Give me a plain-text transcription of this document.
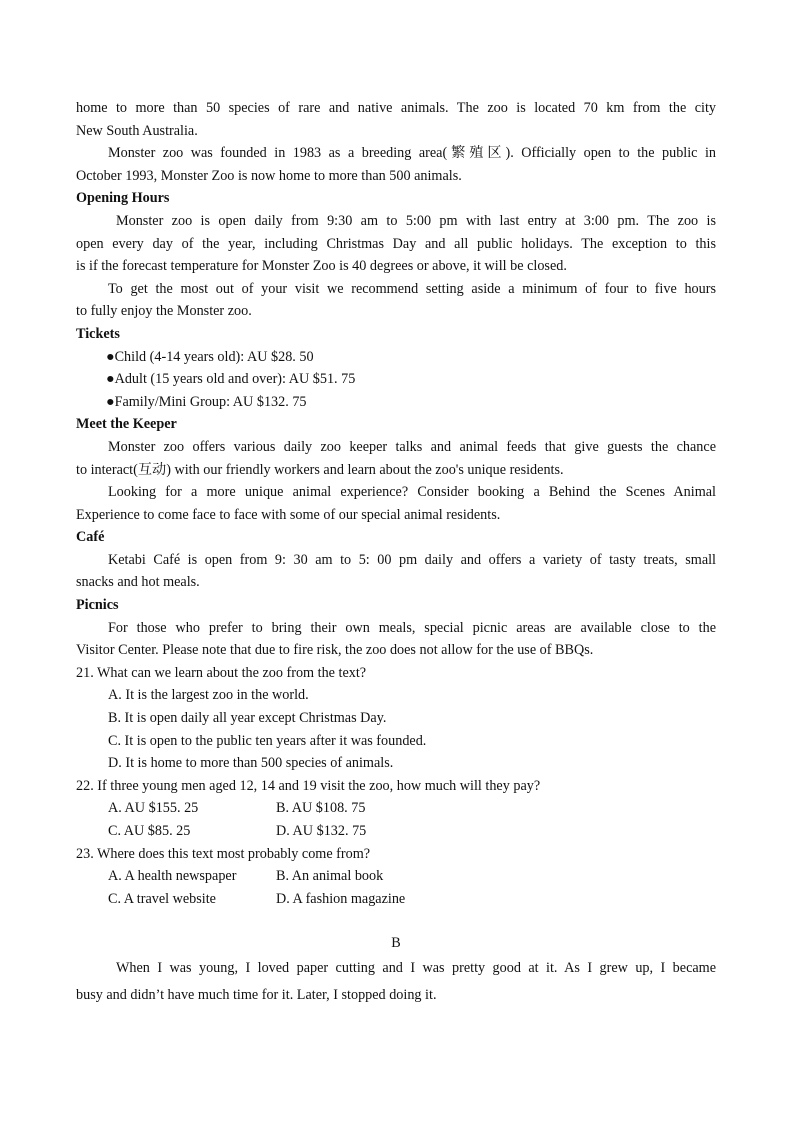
home to more than 50 species of rare and native animals. The zoo is located 70 km from the city
New South Australia.
Monster zoo was founded in 1983 as a breeding area(繁殖区). Officially open to the public in
October 1993, Monster Zoo is now home to more than 500 animals.
Opening Hours
Monster zoo is open daily from 9:30 am to 5:00 pm with last entry at 3:00 pm. The zoo is
open every day of the year, including Christmas Day and all public holidays. The exception to this
is if the forecast temperature for Monster Zoo is 40 degrees or above, it will be closed.
To get the most out of your visit we recommend setting aside a minimum of four to five hours
to fully enjoy the Monster zoo.
Tickets
●Child (4-14 years old): AU $28. 50
●Adult (15 years old and over): AU $51. 75
●Family/Mini Group: AU $132. 75
Meet the Keeper
Monster zoo offers various daily zoo keeper talks and animal feeds that give guests the chance
to interact(互动) with our friendly workers and learn about the zoo's unique residents.
Looking for a more unique animal experience? Consider booking a Behind the Scenes Animal
Experience to come face to face with some of our special animal residents.
Café
Ketabi Café is open from 9: 30 am to 5: 00 pm daily and offers a variety of tasty treats, small
snacks and hot meals.
Picnics
For those who prefer to bring their own meals, special picnic areas are available close to the
Visitor Center. Please note that due to fire risk, the zoo does not allow for the use of BBQs.
21. What can we learn about the zoo from the text?
A. It is the largest zoo in the world.
B. It is open daily all year except Christmas Day.
C. It is open to the public ten years after it was founded.
D. It is home to more than 500 species of animals.
22. If three young men aged 12, 14 and 19 visit the zoo, how much will they pay?
A. AU $155. 25	B. AU $108. 75
C. AU $85. 25	D. AU $132. 75
23. Where does this text most probably come from?
A. A health newspaper	B. An animal book
C. A travel website	D. A fashion magazine
B
When I was young, I loved paper cutting and I was pretty good at it. As I grew up, I became
busy and didn’t have much time for it. Later, I stopped doing it.
